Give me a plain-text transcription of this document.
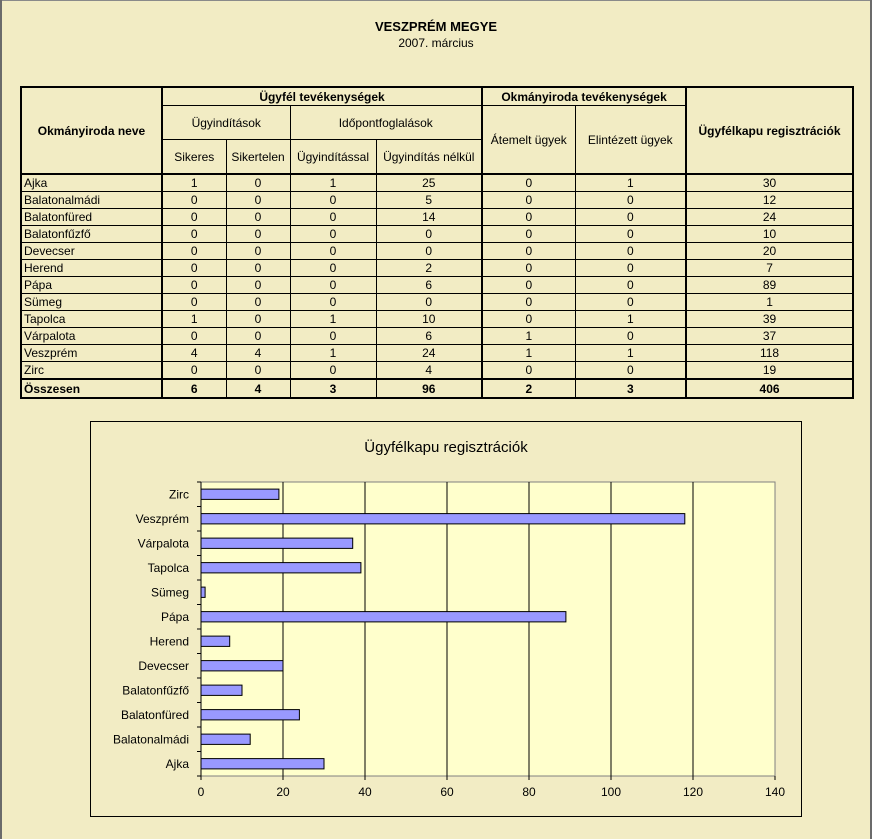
VESZPRÉM MEGYE
2007. március
Okmányiroda neve	Ügyfél tevékenységek				Okmányiroda tevékenységek		Ügyfélkapu regisztrációk
	Ügyindítások		Időpontfoglalások		Átemelt ügyek	Elintézett ügyek	
	Sikeres	Sikertelen	Ügyindítással	Ügyindítás nélkül			
Ajka	1	0	1	25	0	1	30
Balatonalmádi	0	0	0	5	0	0	12
Balatonfüred	0	0	0	14	0	0	24
Balatonfűzfő	0	0	0	0	0	0	10
Devecser	0	0	0	0	0	0	20
Herend	0	0	0	2	0	0	7
Pápa	0	0	0	6	0	0	89
Sümeg	0	0	0	0	0	0	1
Tapolca	1	0	1	10	0	1	39
Várpalota	0	0	0	6	1	0	37
Veszprém	4	4	1	24	1	1	118
Zirc	0	0	0	4	0	0	19
Összesen	6	4	3	96	2	3	406
0	20	40	60	80	100	120	140
Zirc
Veszprém
Várpalota
Tapolca
Sümeg
Pápa
Herend
Devecser
Balatonfűzfő
Balatonfüred
Balatonalmádi
Ajka
Ügyfélkapu regisztrációk
